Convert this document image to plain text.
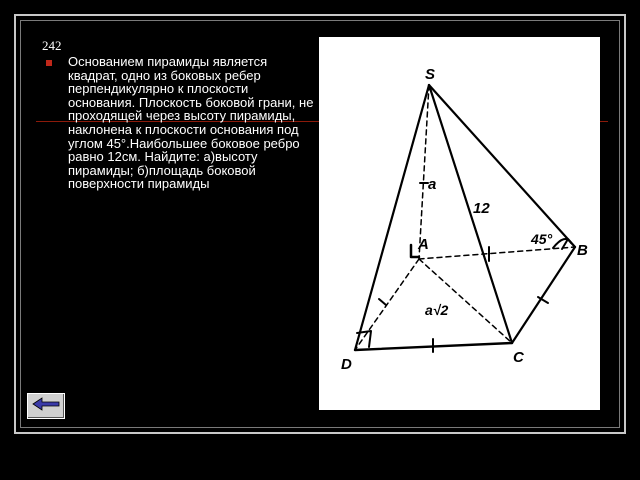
242

Основанием пирамиды является квадрат, одно из боковых ребер перпендикулярно к плоскости основания. Плоскость боковой грани, не проходящей через высоту пирамиды, наклонена к плоскости основания под углом 45°.Наибольшее боковое ребро равно 12см. Найдите: а)высоту пирамиды; б)площадь боковой поверхности пирамиды

S
A	B
C
D
a
12
a√2
45°
